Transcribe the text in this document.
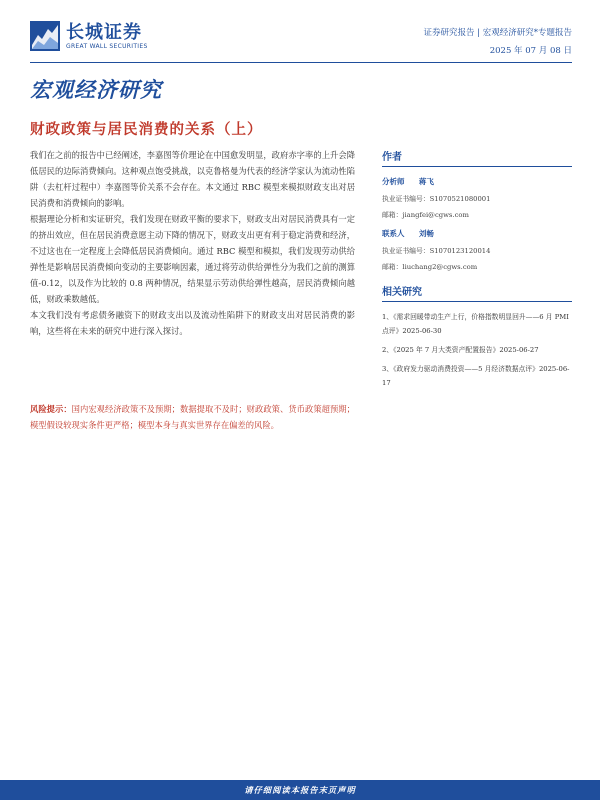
长城证券
GREAT WALL SECURITIES
证券研究报告 | 宏观经济研究*专题报告
2025 年 07 月 08 日
宏观经济研究
财政政策与居民消费的关系（上）

我们在之前的报告中已经阐述，李嘉图等价理论在中国愈发明显，政府赤字率的上升会降低居民的边际消费倾向。这种观点饱受挑战，以克鲁格曼为代表的经济学家认为流动性陷阱（去杠杆过程中）李嘉图等价关系不会存在。本文通过 RBC 模型来模拟财政支出对居民消费和消费倾向的影响。

根据理论分析和实证研究，我们发现在财政平衡的要求下，财政支出对居民消费具有一定的挤出效应，但在居民消费意愿主动下降的情况下，财政支出更有利于稳定消费和经济，不过这也在一定程度上会降低居民消费倾向。通过 RBC 模型和模拟，我们发现劳动供给弹性是影响居民消费倾向变动的主要影响因素，通过将劳动供给弹性分为我们之前的测算值-0.12，以及作为比较的 0.8 两种情况，结果显示劳动供给弹性越高，居民消费倾向越低，财政乘数越低。

本文我们没有考虑债务融资下的财政支出以及流动性陷阱下的财政支出对居民消费的影响，这些将在未来的研究中进行深入探讨。

风险提示：国内宏观经济政策不及预期；数据提取不及时；财政政策、货币政策超预期；模型假设较现实条件更严格；模型本身与真实世界存在偏差的风险。
作者
分析师 蒋飞
执业证书编号：S1070521080001
邮箱：jiangfei@cgws.com
联系人 刘畅
执业证书编号：S1070123120014
邮箱：liuchang2@cgws.com
相关研究
1、《需求回暖带动生产上行，价格指数明显回升——6 月 PMI 点评》2025-06-30
2、《2025 年 7 月大类资产配置报告》2025-06-27
3、《政府发力驱动消费投资——5 月经济数据点评》2025-06-17
请仔细阅读本报告末页声明
